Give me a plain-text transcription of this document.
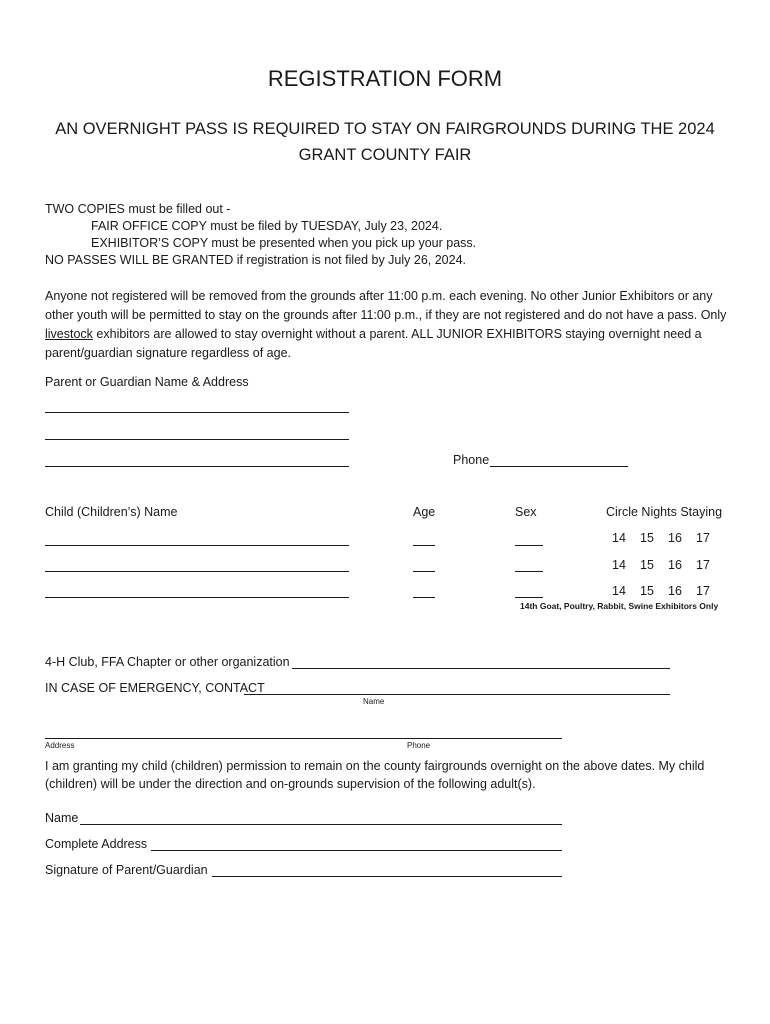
REGISTRATION FORM
AN OVERNIGHT PASS IS REQUIRED TO STAY ON FAIRGROUNDS DURING THE 2024 GRANT COUNTY FAIR
TWO COPIES must be filled out -
FAIR OFFICE COPY must be filed by TUESDAY, July 23, 2024.
EXHIBITOR’S COPY must be presented when you pick up your pass.
NO PASSES WILL BE GRANTED if registration is not filed by July 26, 2024.
Anyone not registered will be removed from the grounds after 11:00 p.m. each evening. No other Junior Exhibitors or any other youth will be permitted to stay on the grounds after 11:00 p.m., if they are not registered and do not have a pass. Only livestock exhibitors are allowed to stay overnight without a parent. ALL JUNIOR EXHIBITORS staying overnight need a parent/guardian signature regardless of age.
Parent or Guardian Name & Address
Phone
Child (Children’s) Name	Age	Sex	Circle Nights Staying
14 15 16 17
14 15 16 17
14 15 16 17
14th Goat, Poultry, Rabbit, Swine Exhibitors Only
4-H Club, FFA Chapter or other organization
IN CASE OF EMERGENCY, CONTACT
Name
Address	Phone
I am granting my child (children) permission to remain on the county fairgrounds overnight on the above dates. My child (children) will be under the direction and on-grounds supervision of the following adult(s).
Name
Complete Address
Signature of Parent/Guardian
